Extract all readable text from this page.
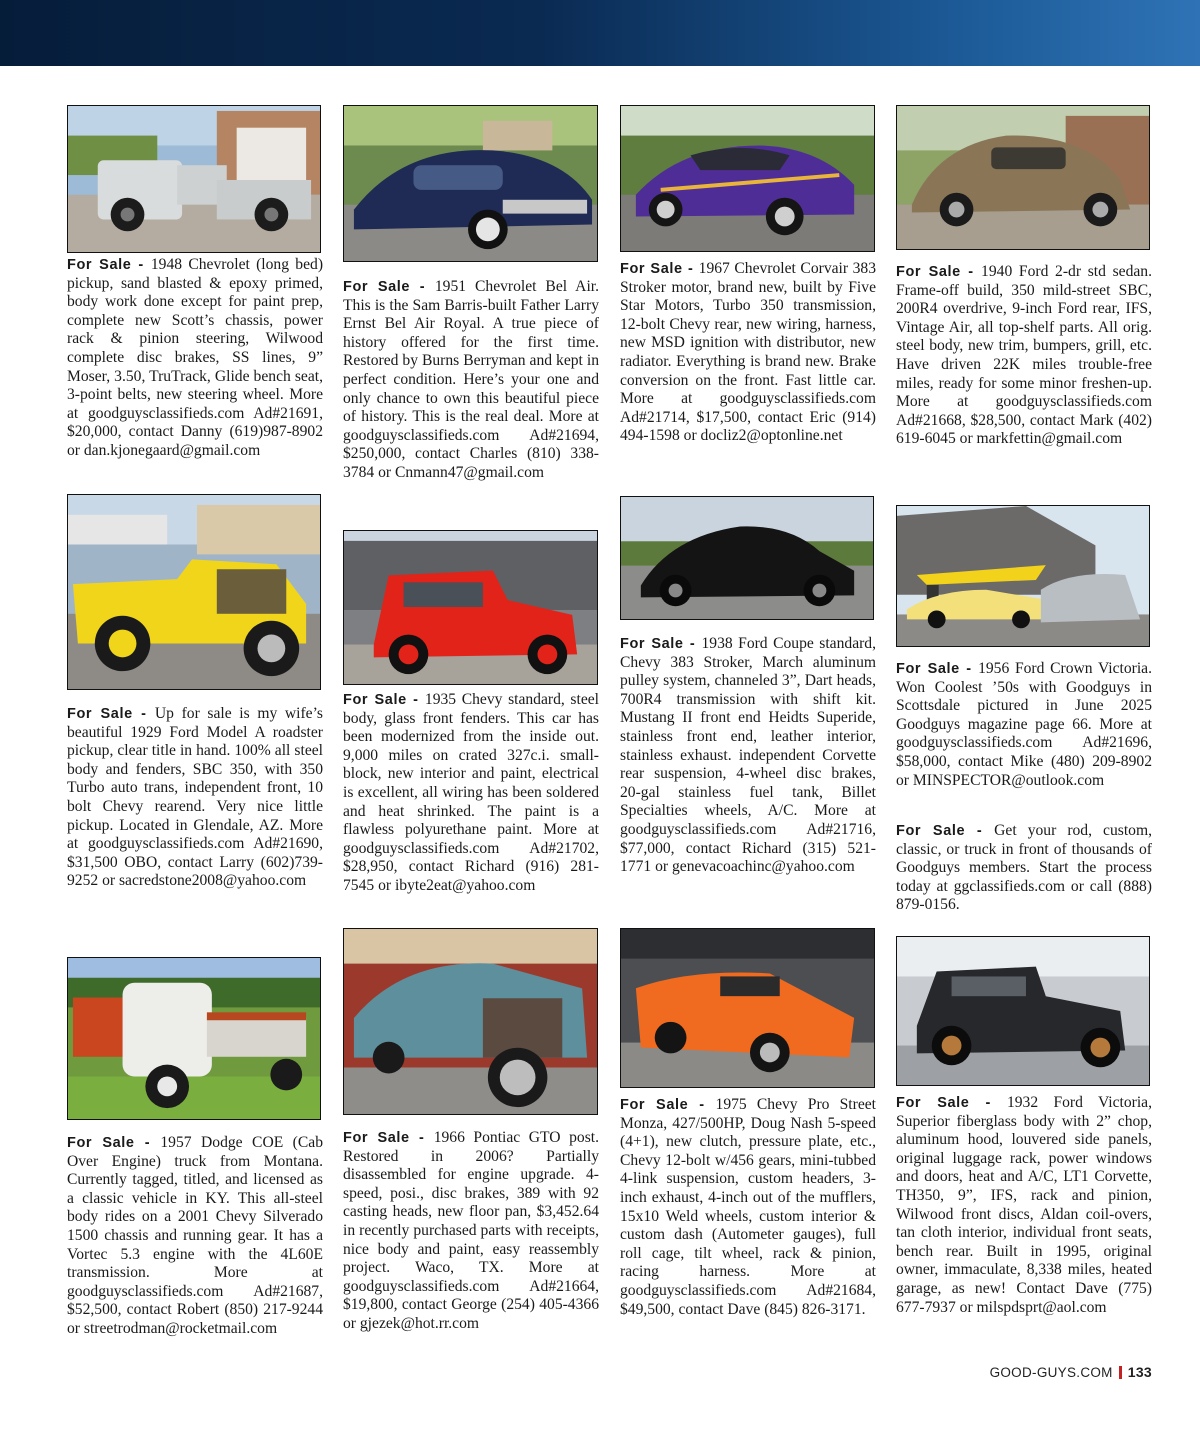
For Sale - 1948 Chevrolet (long bed) pickup, sand blasted & epoxy primed, body work done except for paint prep, complete new Scott’s chassis, power rack & pinion steering, Wilwood complete disc brakes, SS lines, 9” Moser, 3.50, TruTrack, Glide bench seat, 3-point belts, new steering wheel. More at goodguysclassifieds.com Ad#21691, $20,000, contact Danny (619)987-8902 or dan.kjonegaard@gmail.com
For Sale - 1951 Chevrolet Bel Air. This is the Sam Barris-built Father Larry Ernst Bel Air Royal. A true piece of history offered for the first time. Restored by Burns Berryman and kept in perfect condition. Here’s your one and only chance to own this beautiful piece of history. This is the real deal. More at goodguysclassifieds.com Ad#21694, $250,000, contact Charles (810) 338-3784 or Cnmann47@gmail.com
For Sale - 1967 Chevrolet Corvair 383 Stroker motor, brand new, built by Five Star Motors, Turbo 350 transmission, 12-bolt Chevy rear, new wiring, harness, new MSD ignition with distributor, new radiator. Everything is brand new. Brake conversion on the front. Fast little car. More at goodguysclassifieds.com Ad#21714, $17,500, contact Eric (914) 494-1598 or docliz2@optonline.net
For Sale - 1940 Ford 2-dr std sedan. Frame-off build, 350 mild-street SBC, 200R4 overdrive, 9-inch Ford rear, IFS, Vintage Air, all top-shelf parts. All orig. steel body, new trim, bumpers, grill, etc. Have driven 22K miles trouble-free miles, ready for some minor freshen-up. More at goodguysclassifieds.com Ad#21668, $28,500, contact Mark (402) 619-6045 or markfettin@gmail.com
For Sale - Up for sale is my wife’s beautiful 1929 Ford Model A roadster pickup, clear title in hand. 100% all steel body and fenders, SBC 350, with 350 Turbo auto trans, independent front, 10 bolt Chevy rearend. Very nice little pickup. Located in Glendale, AZ. More at goodguysclassifieds.com Ad#21690, $31,500 OBO, contact Larry (602)739-9252 or sacredstone2008@yahoo.com
For Sale - 1935 Chevy standard, steel body, glass front fenders. This car has been modernized from the inside out. 9,000 miles on crated 327c.i. small-block, new interior and paint, electrical is excellent, all wiring has been soldered and heat shrinked. The paint is a flawless polyurethane paint. More at goodguysclassifieds.com Ad#21702, $28,950, contact Richard (916) 281-7545 or ibyte2eat@yahoo.com
For Sale - 1938 Ford Coupe standard, Chevy 383 Stroker, March aluminum pulley system, channeled 3”, Dart heads, 700R4 transmission with shift kit. Mustang II front end Heidts Superide, stainless front end, leather interior, stainless exhaust. independent Corvette rear suspension, 4-wheel disc brakes, 20-gal stainless fuel tank, Billet Specialties wheels, A/C. More at goodguysclassifieds.com Ad#21716, $77,000, contact Richard (315) 521-1771 or genevacoachinc@yahoo.com
For Sale - 1956 Ford Crown Victoria. Won Coolest ’50s with Goodguys in Scottsdale pictured in June 2025 Goodguys magazine page 66. More at goodguysclassifieds.com Ad#21696, $58,000, contact Mike (480) 209-8902 or MINSPECTOR@outlook.com
For Sale - Get your rod, custom, classic, or truck in front of thousands of Goodguys members. Start the process today at ggclassifieds.com or call (888) 879-0156.
For Sale - 1957 Dodge COE (Cab Over Engine) truck from Montana. Currently tagged, titled, and licensed as a classic vehicle in KY. This all-steel body rides on a 2001 Chevy Silverado 1500 chassis and running gear. It has a Vortec 5.3 engine with the 4L60E transmission. More at goodguysclassifieds.com Ad#21687, $52,500, contact Robert (850) 217-9244 or streetrodman@rocketmail.com
For Sale - 1966 Pontiac GTO post. Restored in 2006? Partially disassembled for engine upgrade. 4-speed, posi., disc brakes, 389 with 92 casting heads, new floor pan, $3,452.64 in recently purchased parts with receipts, nice body and paint, easy reassembly project. Waco, TX. More at goodguysclassifieds.com Ad#21664, $19,800, contact George (254) 405-4366 or gjezek@hot.rr.com
For Sale - 1975 Chevy Pro Street Monza, 427/500HP, Doug Nash 5-speed (4+1), new clutch, pressure plate, etc., Chevy 12-bolt w/456 gears, mini-tubbed 4-link suspension, custom headers, 3-inch exhaust, 4-inch out of the mufflers, 15x10 Weld wheels, custom interior & custom dash (Autometer gauges), full roll cage, tilt wheel, rack & pinion, racing harness. More at goodguysclassifieds.com Ad#21684, $49,500, contact Dave (845) 826-3171.
For Sale - 1932 Ford Victoria, Superior fiberglass body with 2” chop, aluminum hood, louvered side panels, original luggage rack, power windows and doors, heat and A/C, LT1 Corvette, TH350, 9”, IFS, rack and pinion, Wilwood front discs, Aldan coil-overs, tan cloth interior, individual front seats, bench rear. Built in 1995, original owner, immaculate, 8,338 miles, heated garage, as new! Contact Dave (775) 677-7937 or milspdsprt@aol.com
GOOD-GUYS.COM 133
